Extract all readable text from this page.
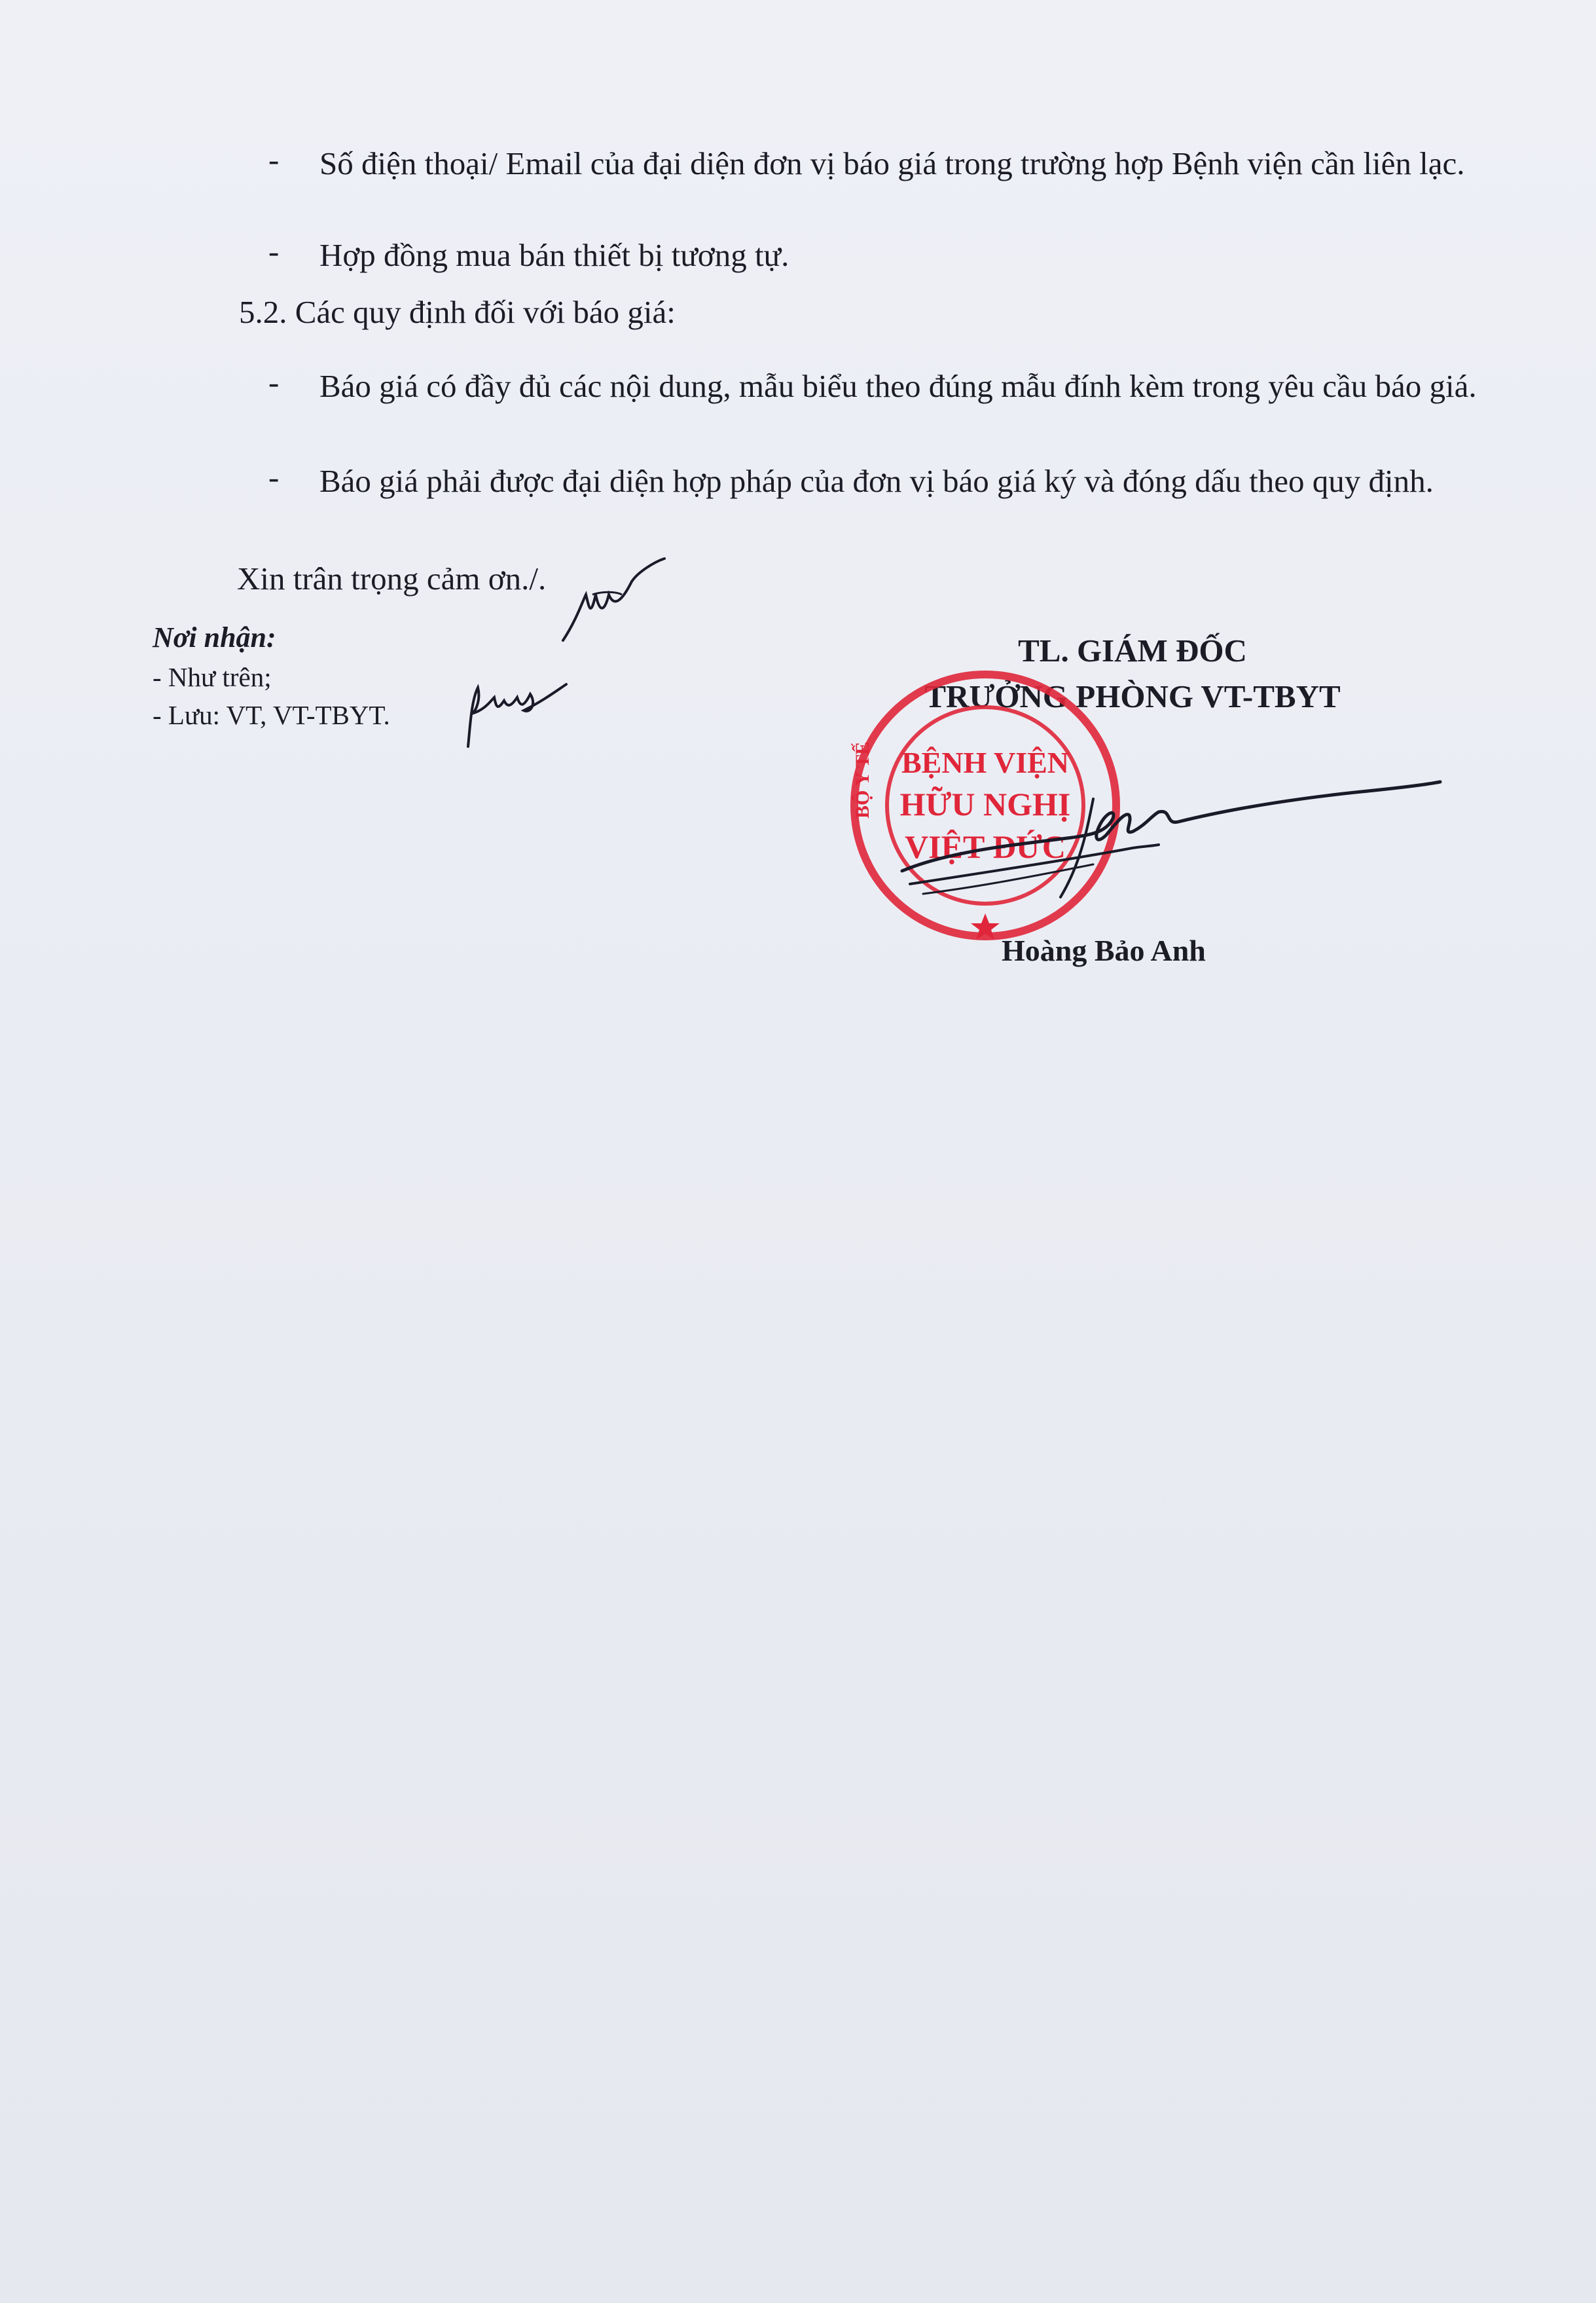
- Số điện thoại/ Email của đại diện đơn vị báo giá trong trường hợp Bệnh viện cần liên lạc.
- Hợp đồng mua bán thiết bị tương tự.
5.2. Các quy định đối với báo giá:
- Báo giá có đầy đủ các nội dung, mẫu biểu theo đúng mẫu đính kèm trong yêu cầu báo giá.
- Báo giá phải được đại diện hợp pháp của đơn vị báo giá ký và đóng dấu theo quy định.
Xin trân trọng cảm ơn./.
Nơi nhận:
- Như trên;
- Lưu: VT, VT-TBYT.
TL. GIÁM ĐỐC
TRƯỞNG PHÒNG VT-TBYT
BỆNH VIỆN
HỮU NGHỊ
VIỆT ĐỨC
BỘ Y TẾ
Hoàng Bảo Anh
